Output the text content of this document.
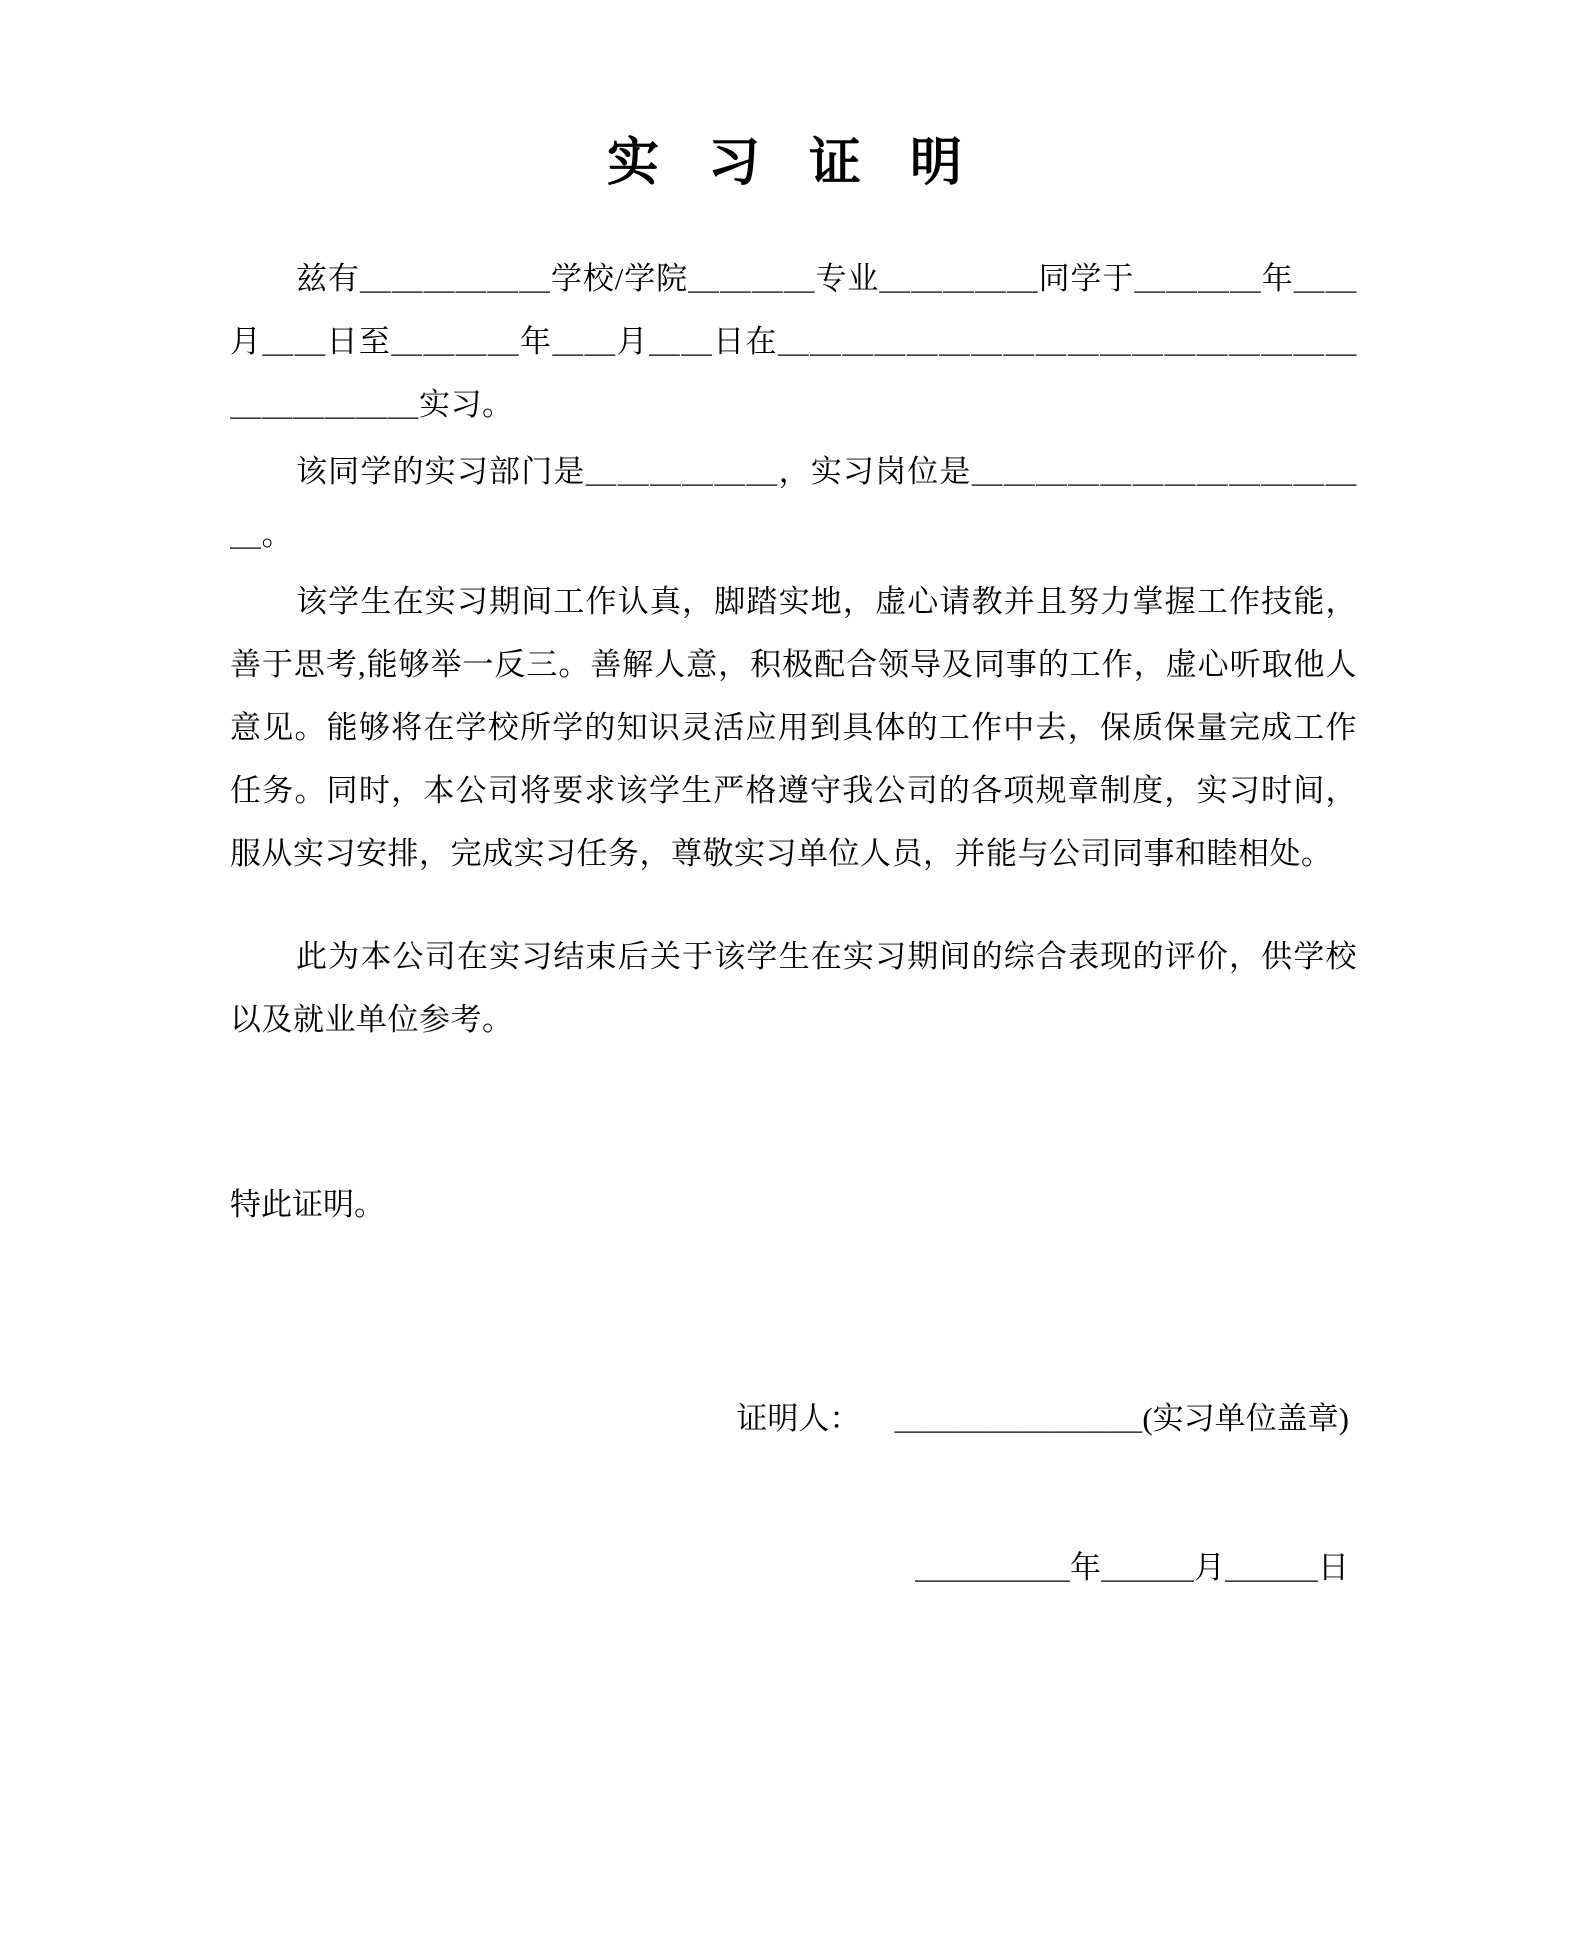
实 习 证 明

兹有＿＿＿＿＿＿学校/学院＿＿＿＿专业＿＿＿＿＿同学于＿＿＿＿年＿＿月＿＿日至＿＿＿＿年＿＿月＿＿日在＿＿＿＿＿＿＿＿＿＿＿＿＿＿＿＿＿＿＿＿＿＿＿＿实习。

该同学的实习部门是＿＿＿＿＿＿，实习岗位是＿＿＿＿＿＿＿＿＿＿＿＿＿。

该学生在实习期间工作认真，脚踏实地，虚心请教并且努力掌握工作技能，善于思考,能够举一反三。善解人意，积极配合领导及同事的工作，虚心听取他人意见。能够将在学校所学的知识灵活应用到具体的工作中去，保质保量完成工作任务。同时，本公司将要求该学生严格遵守我公司的各项规章制度，实习时间，服从实习安排，完成实习任务，尊敬实习单位人员，并能与公司同事和睦相处。

此为本公司在实习结束后关于该学生在实习期间的综合表现的评价，供学校以及就业单位参考。

特此证明。

证明人： ＿＿＿＿＿＿＿＿(实习单位盖章)
＿＿＿＿＿年＿＿＿月＿＿＿日
